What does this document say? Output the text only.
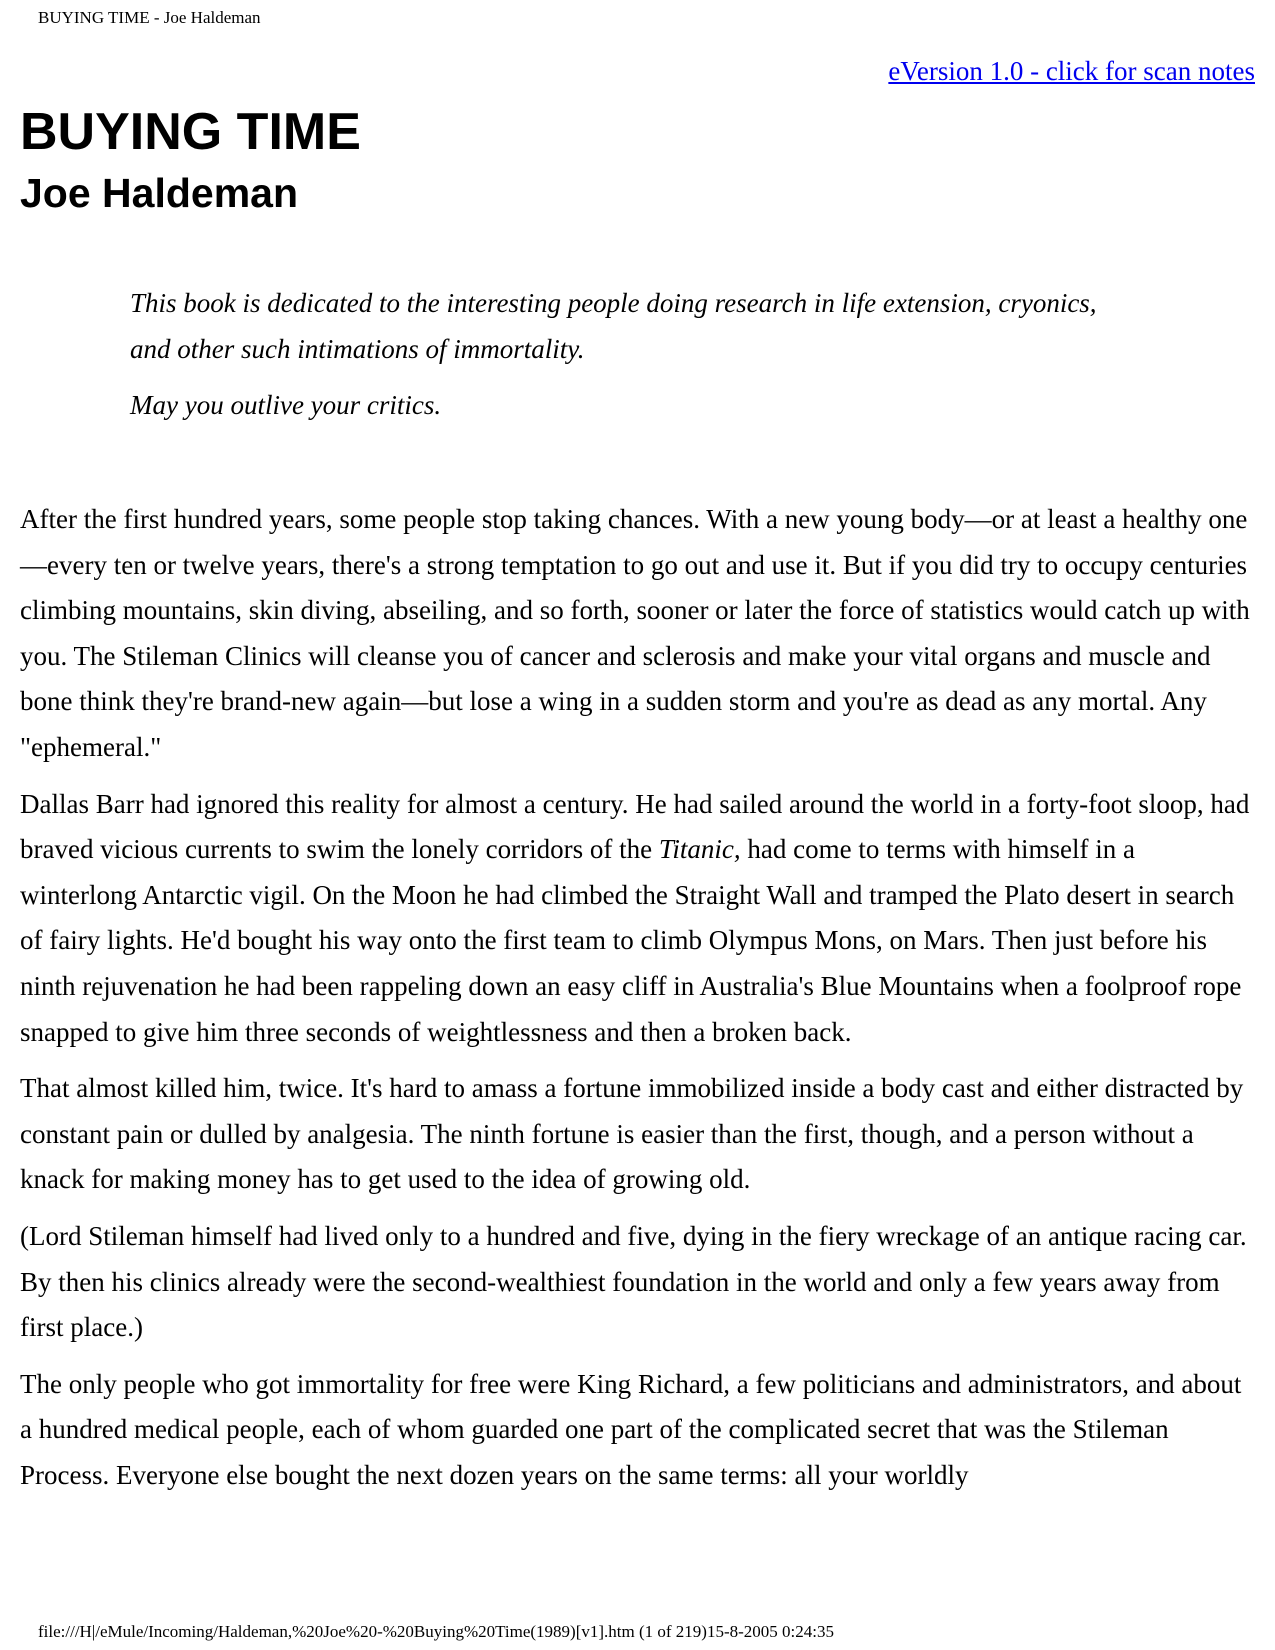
BUYING TIME - Joe Haldeman
eVersion 1.0 - click for scan notes
BUYING TIME
Joe Haldeman

This book is dedicated to the interesting people doing research in life extension, cryonics, and other such intimations of immortality.

May you outlive your critics.

After the first hundred years, some people stop taking chances. With a new young body—or at least a healthy one—every ten or twelve years, there's a strong temptation to go out and use it. But if you did try to occupy centuries climbing mountains, skin diving, abseiling, and so forth, sooner or later the force of statistics would catch up with you. The Stileman Clinics will cleanse you of cancer and sclerosis and make your vital organs and muscle and bone think they're brand-new again—but lose a wing in a sudden storm and you're as dead as any mortal. Any "ephemeral."

Dallas Barr had ignored this reality for almost a century. He had sailed around the world in a forty-foot sloop, had braved vicious currents to swim the lonely corridors of the Titanic, had come to terms with himself in a winterlong Antarctic vigil. On the Moon he had climbed the Straight Wall and tramped the Plato desert in search of fairy lights. He'd bought his way onto the first team to climb Olympus Mons, on Mars. Then just before his ninth rejuvenation he had been rappeling down an easy cliff in Australia's Blue Mountains when a foolproof rope snapped to give him three seconds of weightlessness and then a broken back.

That almost killed him, twice. It's hard to amass a fortune immobilized inside a body cast and either distracted by constant pain or dulled by analgesia. The ninth fortune is easier than the first, though, and a person without a knack for making money has to get used to the idea of growing old.

(Lord Stileman himself had lived only to a hundred and five, dying in the fiery wreckage of an antique racing car. By then his clinics already were the second-wealthiest foundation in the world and only a few years away from first place.)

The only people who got immortality for free were King Richard, a few politicians and administrators, and about a hundred medical people, each of whom guarded one part of the complicated secret that was the Stileman Process. Everyone else bought the next dozen years on the same terms: all your worldly

file:///H|/eMule/Incoming/Haldeman,%20Joe%20-%20Buying%20Time(1989)[v1].htm (1 of 219)15-8-2005 0:24:35
